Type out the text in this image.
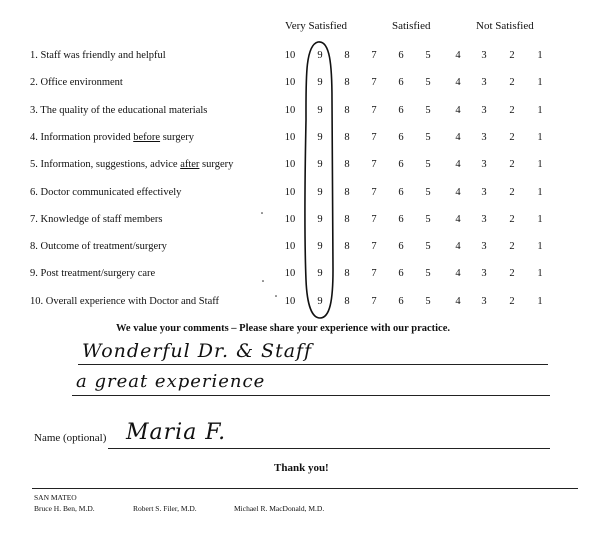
Very Satisfied	Satisfied	Not Satisfied
1. Staff was friendly and helpful	10	9	8	7	6	5	4	3	2	1
2. Office environment	10	9	8	7	6	5	4	3	2	1
3. The quality of the educational materials	10	9	8	7	6	5	4	3	2	1
4. Information provided before surgery	10	9	8	7	6	5	4	3	2	1
5. Information, suggestions, advice after surgery	10	9	8	7	6	5	4	3	2	1
6. Doctor communicated effectively	10	9	8	7	6	5	4	3	2	1
7. Knowledge of staff members	10	9	8	7	6	5	4	3	2	1
8. Outcome of treatment/surgery	10	9	8	7	6	5	4	3	2	1
9. Post treatment/surgery care	10	9	8	7	6	5	4	3	2	1
10. Overall experience with Doctor and Staff	10	9	8	7	6	5	4	3	2	1
We value your comments – Please share your experience with our practice.
Wonderful Dr. & Staff
a great experience
Name (optional) Maria F.
Thank you!
SAN MATEO
Bruce H. Ben, M.D.	Robert S. Filer, M.D.	Michael R. MacDonald, M.D.
